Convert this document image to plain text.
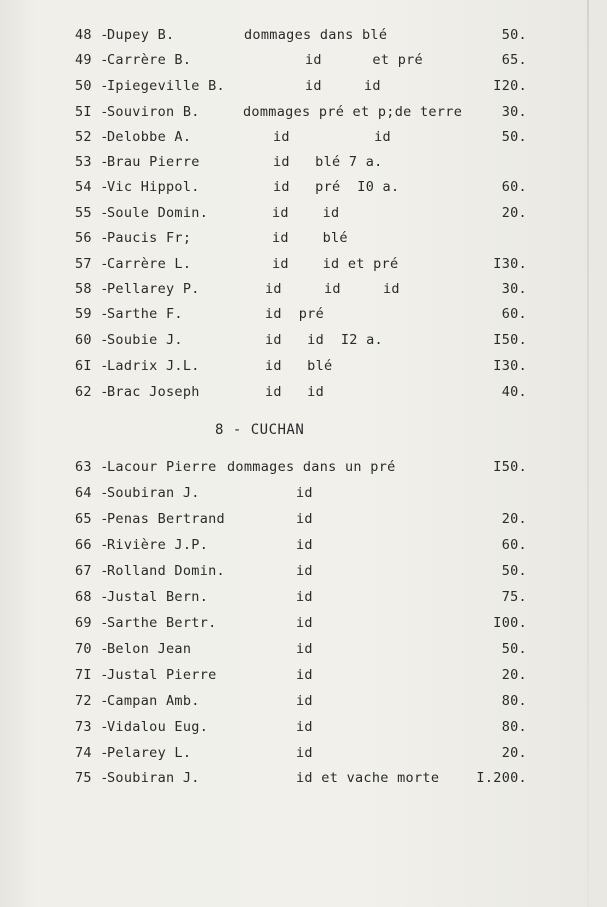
8 - CUCHAN
48 -
Dupey B.	dommages dans blé	50.
49 -
Carrère B.	id      et pré	65.
50 -
Ipiegeville B.	id     id	I20.
5I -
Souviron B.	dommages pré et p;de terre	30.
52 -
Delobbe A.	id          id	50.
53 -
Brau Pierre	id   blé 7 a.
54 -
Vic Hippol.	id   pré  I0 a.	60.
55 -
Soule Domin.	id    id	20.
56 -
Paucis Fr;	id    blé
57 -
Carrère L.	id    id et pré	I30.
58 -
Pellarey P.	id     id     id	30.
59 -
Sarthe F.	id  pré	60.
60 -
Soubie J.	id   id  I2 a.	I50.
6I -
Ladrix J.L.	id   blé	I30.
62 -
Brac Joseph	id   id	40.
63 -
Lacour Pierre dommages dans un pré	I50.
64 -
Soubiran J.	id
65 -
Penas Bertrand	id	20.
66 -
Rivière J.P.	id	60.
67 -
Rolland Domin.	id	50.
68 -
Justal Bern.	id	75.
69 -
Sarthe Bertr.	id	I00.
70 -
Belon Jean	id	50.
7I -
Justal Pierre	id	20.
72 -
Campan Amb.	id	80.
73 -
Vidalou Eug.	id	80.
74 -
Pelarey L.	id	20.
75 -
Soubiran J.	id et vache morte	I.200.
